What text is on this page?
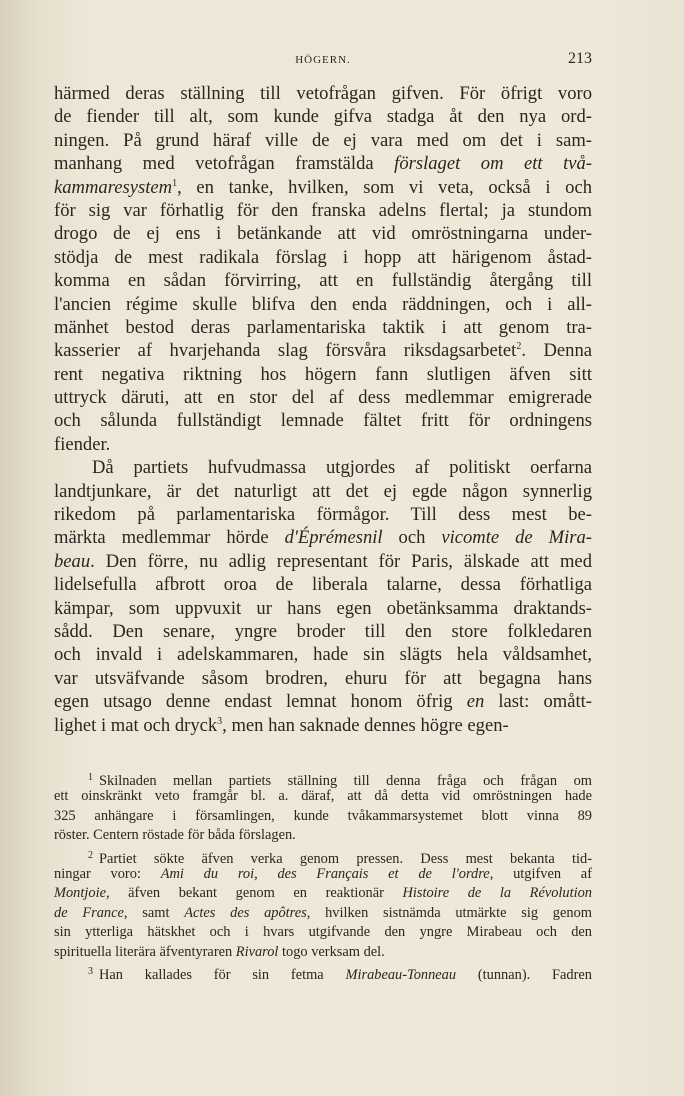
HÖGERN.	213
härmed deras ställning till vetofrågan gifven. För öfrigt voro
de fiender till alt, som kunde gifva stadga åt den nya ord-
ningen. På grund häraf ville de ej vara med om det i sam-
manhang med vetofrågan framstälda förslaget om ett två-
kammaresystem$^1$, en tanke, hvilken, som vi veta, också i och
för sig var förhatlig för den franska adelns flertal; ja stundom
drogo de ej ens i betänkande att vid omröstningarna under-
stödja de mest radikala förslag i hopp att härigenom åstad-
komma en sådan förvirring, att en fullständig återgång till
l'ancien régime skulle blifva den enda räddningen, och i all-
mänhet bestod deras parlamentariska taktik i att genom tra-
kasserier af hvarjehanda slag försvåra riksdagsarbetet$^2$. Denna
rent negativa riktning hos högern fann slutligen äfven sitt
uttryck däruti, att en stor del af dess medlemmar emigrerade
och sålunda fullständigt lemnade fältet fritt för ordningens
fiender.
Då partiets hufvudmassa utgjordes af politiskt oerfarna
landtjunkare, är det naturligt att det ej egde någon synnerlig
rikedom på parlamentariska förmågor. Till dess mest be-
märkta medlemmar hörde d'Éprémesnil och vicomte de Mira-
beau. Den förre, nu adlig representant för Paris, älskade att med
lidelsefulla afbrott oroa de liberala talarne, dessa förhatliga
kämpar, som uppvuxit ur hans egen obetänksamma draktands-
sådd. Den senare, yngre broder till den store folkledaren
och invald i adelskammaren, hade sin slägts hela våldsamhet,
var utsväfvande såsom brodren, ehuru för att begagna hans
egen utsago denne endast lemnat honom öfrig en last: omått-
lighet i mat och dryck$^3$, men han saknade dennes högre egen-
$^1$ Skilnaden mellan partiets ställning till denna fråga och frågan om
ett oinskränkt veto framgår bl. a. däraf, att då detta vid omröstningen hade
325 anhängare i församlingen, kunde tvåkammarsystemet blott vinna 89
röster. Centern röstade för båda förslagen.
$^2$ Partiet sökte äfven verka genom pressen. Dess mest bekanta tid-
ningar voro: Ami du roi, des Français et de l'ordre, utgifven af
Montjoie, äfven bekant genom en reaktionär Histoire de la Révolution
de France, samt Actes des apôtres, hvilken sistnämda utmärkte sig genom
sin ytterliga hätskhet och i hvars utgifvande den yngre Mirabeau och den
spirituella literära äfventyraren Rivarol togo verksam del.
$^3$ Han kallades för sin fetma Mirabeau-Tonneau (tunnan). Fadren
